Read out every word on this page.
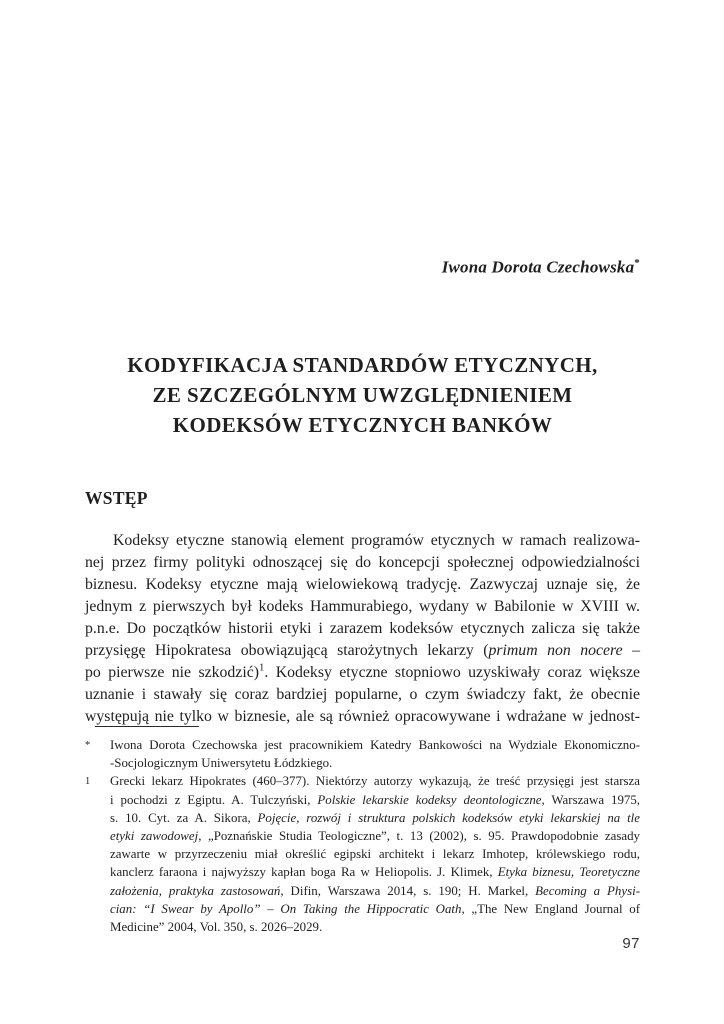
Iwona Dorota Czechowska*
KODYFIKACJA STANDARDÓW ETYCZNYCH,
ZE SZCZEGÓLNYM UWZGLĘDNIENIEM
KODEKSÓW ETYCZNYCH BANKÓW
WSTĘP
Kodeksy etyczne stanowią element programów etycznych w ramach realizowa-
nej przez firmy polityki odnoszącej się do koncepcji społecznej odpowiedzialności
biznesu. Kodeksy etyczne mają wielowiekową tradycję. Zazwyczaj uznaje się, że
jednym z pierwszych był kodeks Hammurabiego, wydany w Babilonie w XVIII w.
p.n.e. Do początków historii etyki i zarazem kodeksów etycznych zalicza się także
przysięgę Hipokratesa obowiązującą starożytnych lekarzy (primum non nocere –
po pierwsze nie szkodzić)$^1$. Kodeksy etyczne stopniowo uzyskiwały coraz większe
uznanie i stawały się coraz bardziej popularne, o czym świadczy fakt, że obecnie
występują nie tylko w biznesie, ale są również opracowywane i wdrażane w jednost-
*	Iwona Dorota Czechowska jest pracownikiem Katedry Bankowości na Wydziale Ekonomiczno-
-Socjologicznym Uniwersytetu Łódzkiego.
1	Grecki lekarz Hipokrates (460–377). Niektórzy autorzy wykazują, że treść przysięgi jest starsza
i pochodzi z Egiptu. A. Tulczyński, Polskie lekarskie kodeksy deontologiczne, Warszawa 1975,
s. 10. Cyt. za A. Sikora, Pojęcie, rozwój i struktura polskich kodeksów etyki lekarskiej na tle
etyki zawodowej, „Poznańskie Studia Teologiczne”, t. 13 (2002), s. 95. Prawdopodobnie zasady
zawarte w przyrzeczeniu miał określić egipski architekt i lekarz Imhotep, królewskiego rodu,
kanclerz faraona i najwyższy kapłan boga Ra w Heliopolis. J. Klimek, Etyka biznesu, Teoretyczne
założenia, praktyka zastosowań, Difin, Warszawa 2014, s. 190; H. Markel, Becoming a Physi-
cian: “I Swear by Apollo” – On Taking the Hippocratic Oath, „The New England Journal of
Medicine” 2004, Vol. 350, s. 2026–2029.
97
